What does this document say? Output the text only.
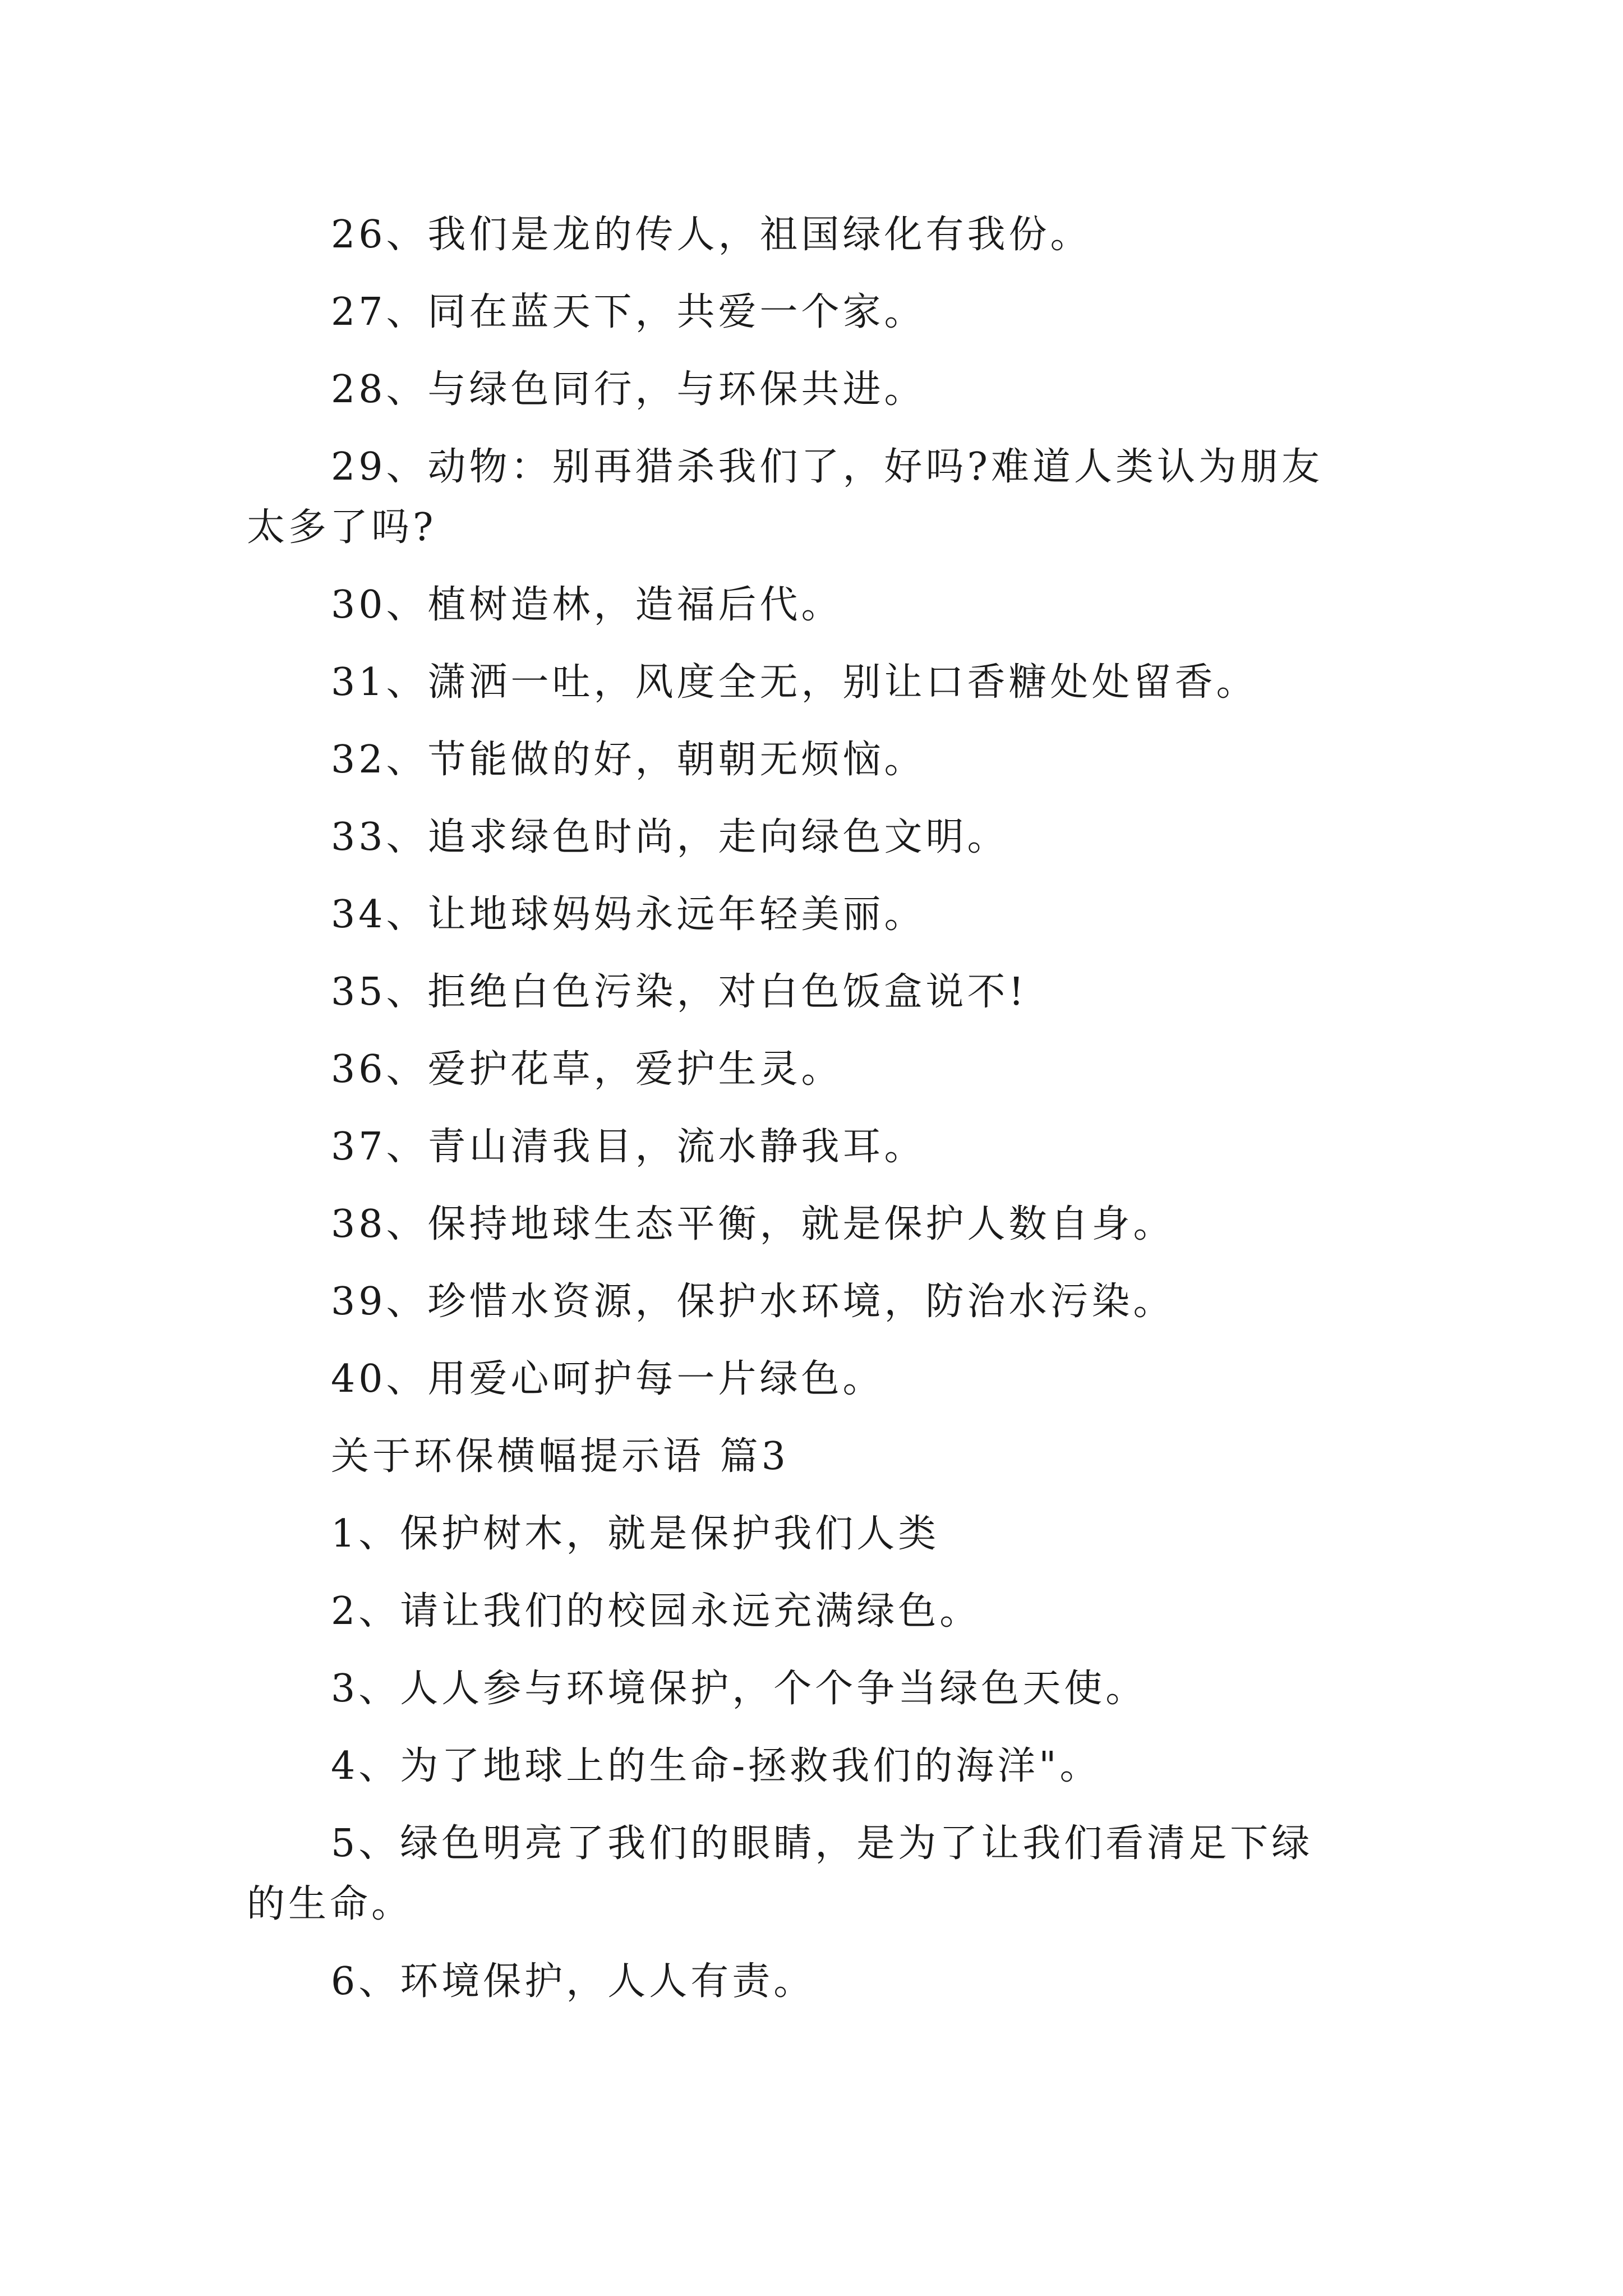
26、我们是龙的传人，祖国绿化有我份。
27、同在蓝天下，共爱一个家。
28、与绿色同行，与环保共进。
29、动物：别再猎杀我们了，好吗?难道人类认为朋友
太多了吗?
30、植树造林，造福后代。
31、潇洒一吐，风度全无，别让口香糖处处留香。
32、节能做的好，朝朝无烦恼。
33、追求绿色时尚，走向绿色文明。
34、让地球妈妈永远年轻美丽。
35、拒绝白色污染，对白色饭盒说不!
36、爱护花草，爱护生灵。
37、青山清我目，流水静我耳。
38、保持地球生态平衡，就是保护人数自身。
39、珍惜水资源，保护水环境，防治水污染。
40、用爱心呵护每一片绿色。
关于环保横幅提示语 篇3
1、保护树木，就是保护我们人类
2、请让我们的校园永远充满绿色。
3、人人参与环境保护，个个争当绿色天使。
4、为了地球上的生命-拯救我们的海洋"。
5、绿色明亮了我们的眼睛，是为了让我们看清足下绿
的生命。
6、环境保护，人人有责。
